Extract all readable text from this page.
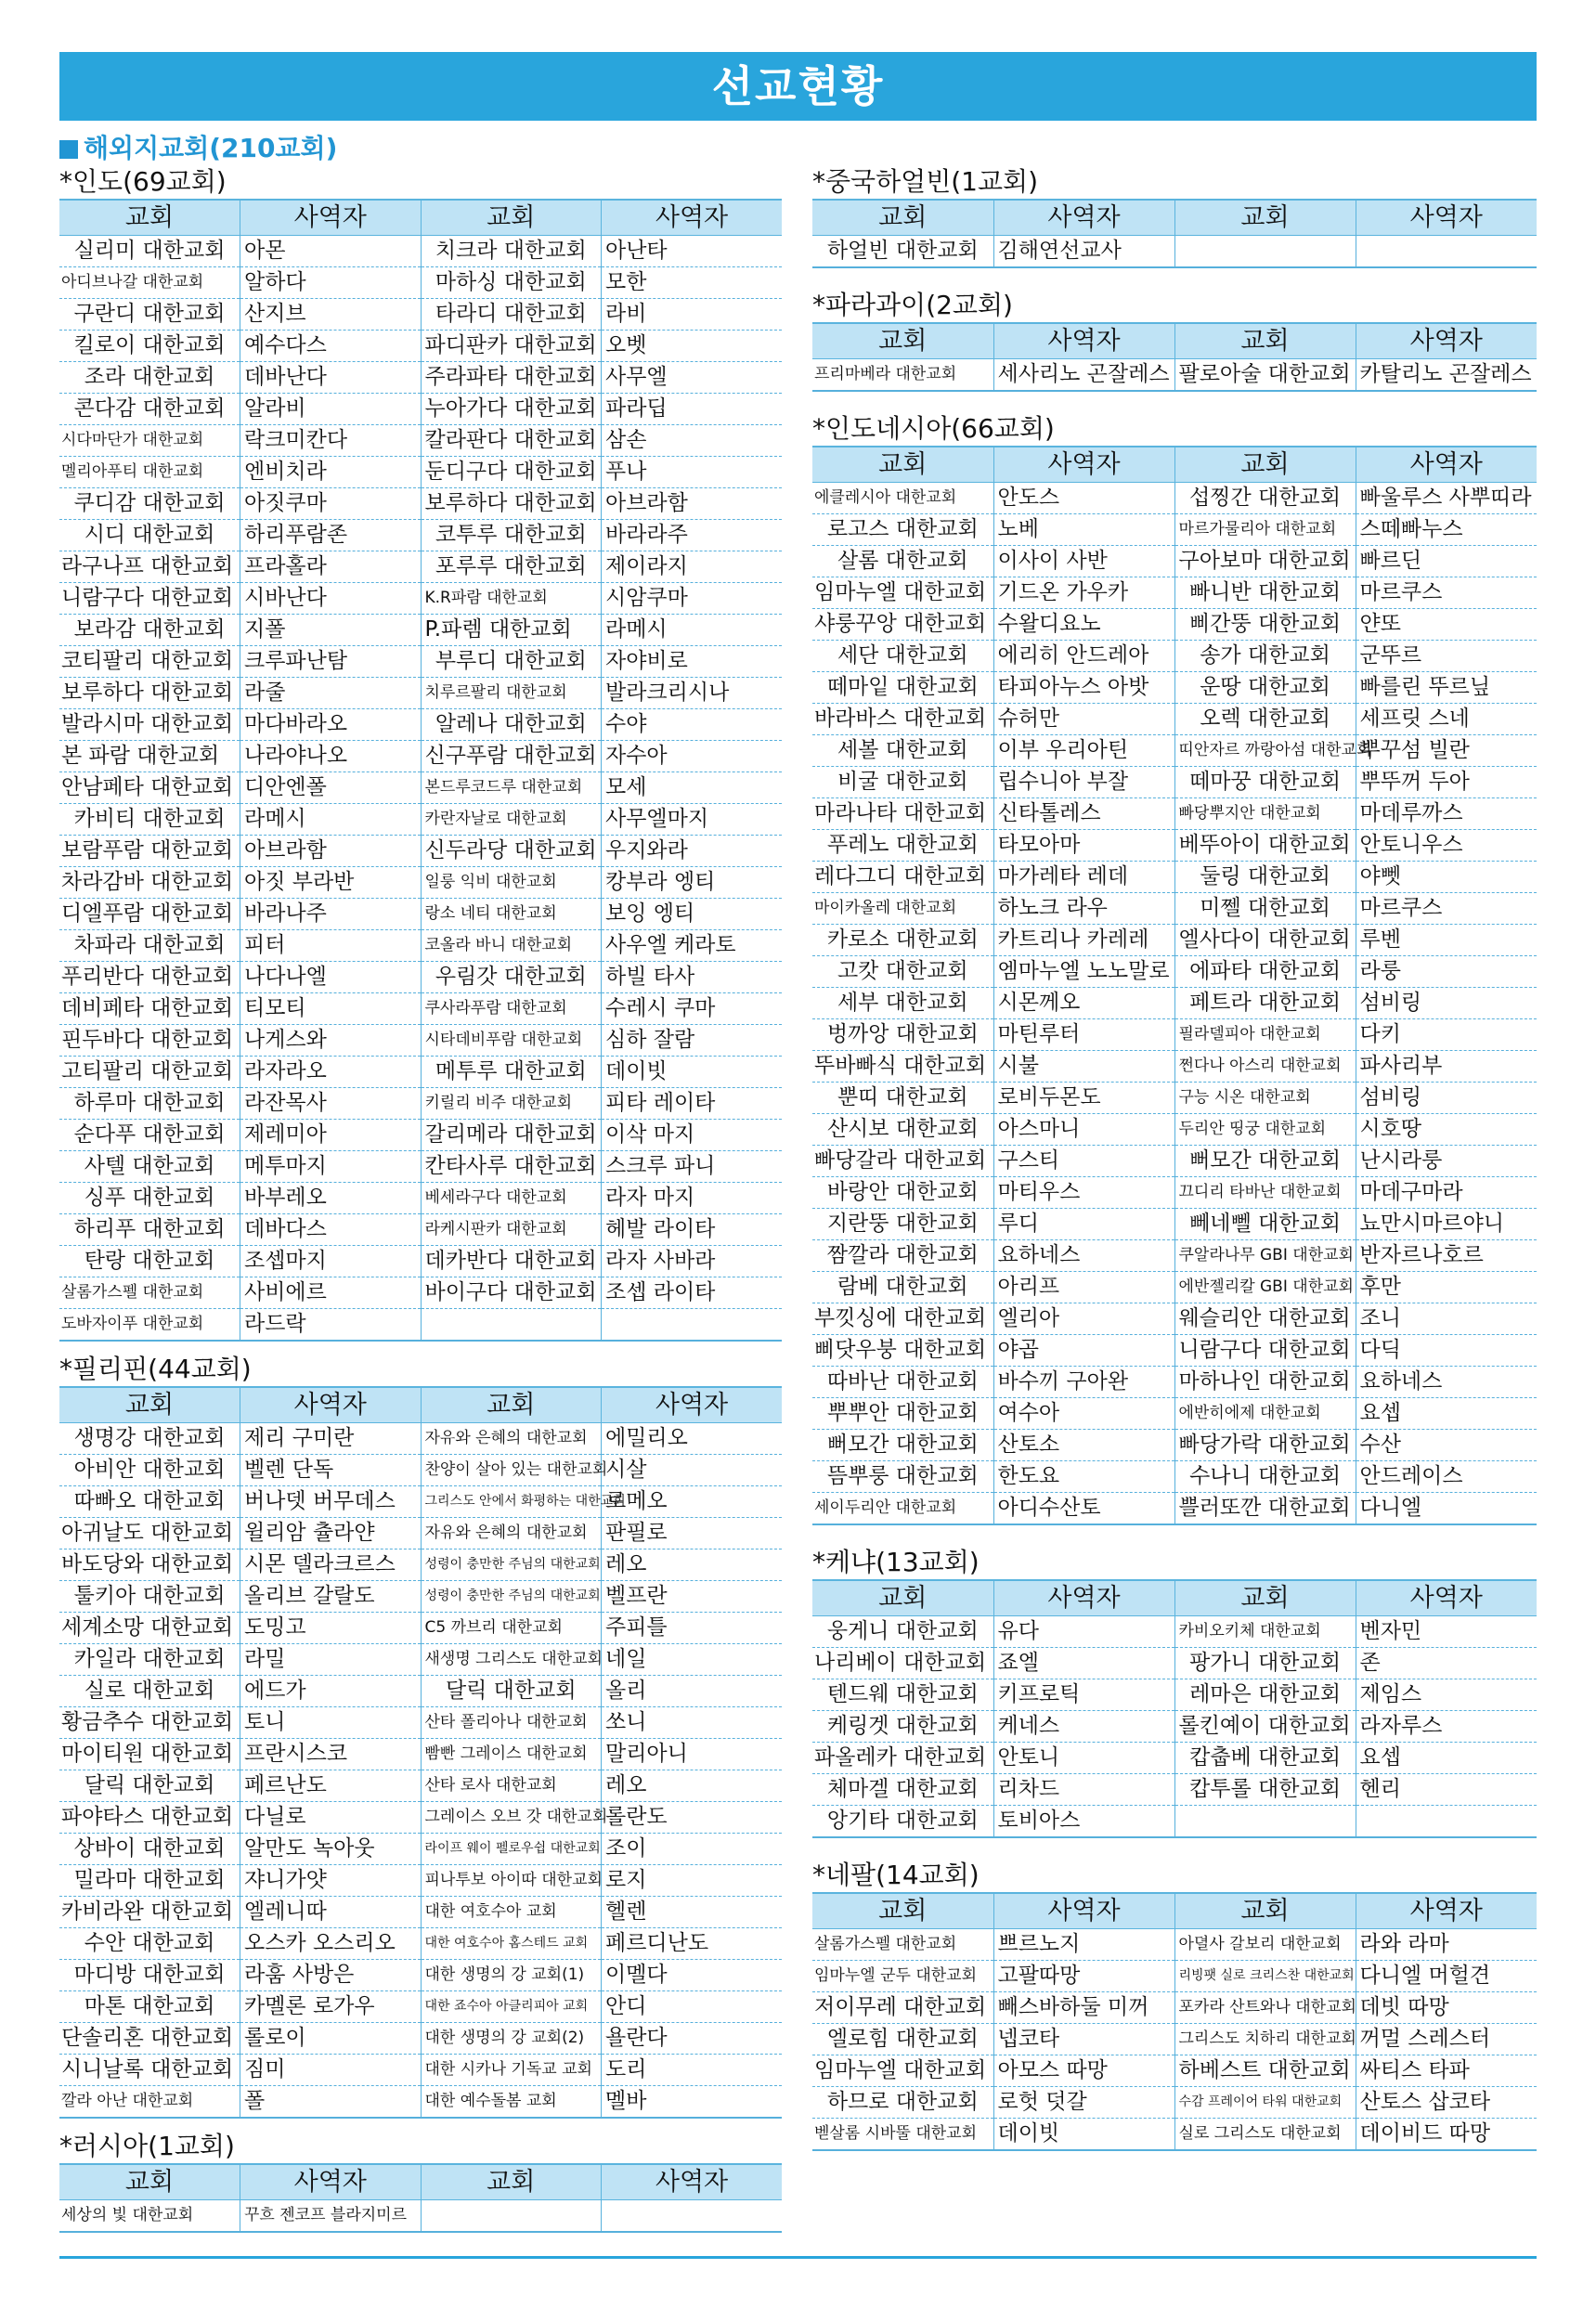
선교현황
해외지교회(210교회)
*인도(69교회)
교회	사역자	교회	사역자
실리미 대한교회	아몬	치크라 대한교회	아난타
아디브나갈 대한교회	알하다	마하싱 대한교회	모한
구란디 대한교회	산지브	타라디 대한교회	라비
킬로이 대한교회	예수다스	파디판카 대한교회	오벳
조라 대한교회	데바난다	주라파타 대한교회	사무엘
콘다감 대한교회	알라비	누아가다 대한교회	파라딥
시다마단가 대한교회	락크미칸다	칼라판다 대한교회	삼손
멜리아푸티 대한교회	엔비치라	둔디구다 대한교회	푸나
쿠디감 대한교회	아짓쿠마	보루하다 대한교회	아브라함
시디 대한교회	하리푸람존	코투루 대한교회	바라라주
라구나프 대한교회	프라홀라	포루루 대한교회	제이라지
니람구다 대한교회	시바난다	K.R파람 대한교회	시암쿠마
보라감 대한교회	지폴	P.파렘 대한교회	라메시
코티팔리 대한교회	크루파난탐	부루디 대한교회	자야비로
보루하다 대한교회	라줄	치루르팔리 대한교회	발라크리시나
발라시마 대한교회	마다바라오	알레나 대한교회	수야
본 파람 대한교회	나라야나오	신구푸람 대한교회	자수아
안남페타 대한교회	디안엔폴	본드루코드루 대한교회	모세
카비티 대한교회	라메시	카란자날로 대한교회	사무엘마지
보람푸람 대한교회	아브라함	신두라당 대한교회	우지와라
차라감바 대한교회	아짓 부라반	일룽 익비 대한교회	캉부라 엥티
디엘푸람 대한교회	바라나주	랑소 네티 대한교회	보잉 엥티
차파라 대한교회	피터	코올라 바니 대한교회	사우엘 케라토
푸리반다 대한교회	나다나엘	우림갓 대한교회	하빌 타사
데비페타 대한교회	티모티	쿠사라푸람 대한교회	수레시 쿠마
핀두바다 대한교회	나게스와	시타데비푸람 대한교회	심하 잘람
고티팔리 대한교회	라자라오	메투루 대한교회	데이빗
하루마 대한교회	라잔목사	키릴리 비주 대한교회	피타 레이타
순다푸 대한교회	제레미아	갈리메라 대한교회	이삭 마지
사텔 대한교회	메투마지	칸타사루 대한교회	스크루 파니
싱푸 대한교회	바부레오	베세라구다 대한교회	라자 마지
하리푸 대한교회	데바다스	라케시판카 대한교회	헤발 라이타
탄랑 대한교회	조셉마지	데카반다 대한교회	라자 사바라
살롬가스펠 대한교회	사비에르	바이구다 대한교회	조셉 라이타
도바자이푸 대한교회	라드락		
*필리핀(44교회)
교회	사역자	교회	사역자
생명강 대한교회	제리 구미란	자유와 은혜의 대한교회	에밀리오
아비안 대한교회	벨렌 단독	찬양이 살아 있는 대한교회	시살
따빠오 대한교회	버나뎃 버무데스	그리스도 안에서 화평하는 대한교회	로메오
아귀날도 대한교회	윌리암 츌라얀	자유와 은혜의 대한교회	판필로
바도당와 대한교회	시몬 델라크르스	성령이 충만한 주님의 대한교회	레오
툴키아 대한교회	올리브 갈랄도	성령이 충만한 주님의 대한교회	벨프란
세계소망 대한교회	도밍고	C5 까브리 대한교회	주피틀
카일라 대한교회	라밀	새생명 그리스도 대한교회	네일
실로 대한교회	에드가	달릭 대한교회	올리
황금추수 대한교회	토니	산타 폴리아나 대한교회	쏘니
마이티원 대한교회	프란시스코	빰빤 그레이스 대한교회	말리아니
달릭 대한교회	페르난도	산타 로사 대한교회	레오
파야타스 대한교회	다닐로	그레이스 오브 갓 대한교회	롤란도
상바이 대한교회	알만도 녹아웃	라이프 웨이 펠로우쉽 대한교회	조이
밀라마 대한교회	쟈니가얏	피나투보 아이따 대한교회	로지
카비라완 대한교회	엘레니따	대한 여호수아 교회	헬렌
수안 대한교회	오스카 오스리오	대한 여호수아 홈스테드 교회	페르디난도
마디방 대한교회	라훔 사방은	대한 생명의 강 교회(1)	이멜다
마톤 대한교회	카멜론 로가우	대한 죠수아 아클리피아 교회	안디
단솔리혼 대한교회	롤로이	대한 생명의 강 교회(2)	욜란다
시니날록 대한교회	짐미	대한 시카나 기독교 교회	도리
깔라 아난 대한교회	폴	대한 예수돌봄 교회	멜바
*러시아(1교회)
교회	사역자	교회	사역자
세상의 빛 대한교회	꾸흐 젠코프 블라지미르		
*중국하얼빈(1교회)
교회	사역자	교회	사역자
하얼빈 대한교회	김해연선교사		
*파라과이(2교회)
교회	사역자	교회	사역자
프리마베라 대한교회	세사리노 곤잘레스	팔로아술 대한교회	카탈리노 곤잘레스
*인도네시아(66교회)
교회	사역자	교회	사역자
에클레시아 대한교회	안도스	섭찡간 대한교회	빠울루스 사뿌띠라
로고스 대한교회	노베	마르가물리아 대한교회	스떼빠누스
살롬 대한교회	이사이 사반	구아보마 대한교회	빠르딘
임마누엘 대한교회	기드온 가우카	빠니반 대한교회	마르쿠스
샤룽꾸앙 대한교회	수왈디요노	삐간뚱 대한교회	얀또
세단 대한교회	에리히 안드레아	송가 대한교회	군뚜르
떼마잍 대한교회	타피아누스 아밧	운땅 대한교회	빠를린 뚜르닢
바라바스 대한교회	슈허만	오렉 대한교회	세프릿 스네
세볼 대한교회	이부 우리아틴	띠안자르 까랑아섬 대한교회	뿌꾸섬 빌란
비굴 대한교회	립수니아 부잘	떼마꿍 대한교회	뿌뚜꺼 두아
마라나타 대한교회	신타톨레스	빠당뿌지안 대한교회	마데루까스
푸레노 대한교회	타모아마	베뚜아이 대한교회	안토니우스
레다그디 대한교회	마가레타 레데	둘링 대한교회	야뻿
마이카올레 대한교회	하노크 라우	미쩰 대한교회	마르쿠스
카로소 대한교회	카트리나 카레레	엘사다이 대한교회	루벤
고캇 대한교회	엠마누엘 노노말로	에파타 대한교회	라룽
세부 대한교회	시몬께오	페트라 대한교회	섬비링
벙까앙 대한교회	마틴루터	필라델피아 대한교회	다키
뚜바빠식 대한교회	시불	쩐다나 아스리 대한교회	파사리부
뿐띠 대한교회	로비두몬도	구능 시온 대한교회	섬비링
산시보 대한교회	아스마니	두리안 띵궁 대한교회	시호땅
빠당갈라 대한교회	구스티	뻐모간 대한교회	난시라룽
바랑안 대한교회	마티우스	끄디리 타바난 대한교회	마데구마라
지란뚱 대한교회	루디	뻬네뻴 대한교회	뇨만시마르야니
짬깔라 대한교회	요하네스	쿠알라나무 GBI 대한교회	반자르나호르
람베 대한교회	아리프	에반젤리칼 GBI 대한교회	후만
부낏싱에 대한교회	엘리아	웨슬리안 대한교회	조니
삐닷우붕 대한교회	야곱	니람구다 대한교회	다딕
따바난 대한교회	바수끼 구아완	마하나인 대한교회	요하네스
뿌뿌안 대한교회	여수아	에반히에제 대한교회	요셉
뻐모간 대한교회	산토소	빠당가락 대한교회	수산
뜸뿌룽 대한교회	한도요	수나니 대한교회	안드레이스
세이두리안 대한교회	아디수산토	쁠러또깐 대한교회	다니엘
*케냐(13교회)
교회	사역자	교회	사역자
웅게니 대한교회	유다	카비오키체 대한교회	벤자민
나리베이 대한교회	죠엘	팡가니 대한교회	존
텐드웨 대한교회	키프로틱	레마은 대한교회	제임스
케링겟 대한교회	케네스	롤킨예이 대한교회	라자루스
파올레카 대한교회	안토니	캅춥베 대한교회	요셉
체마겔 대한교회	리차드	캅투롤 대한교회	헨리
앙기타 대한교회	토비아스		
*네팔(14교회)
교회	사역자	교회	사역자
살롬가스펠 대한교회	쁘르노지	아뎔사 갈보리 대한교회	라와 라마
임마누엘 군두 대한교회	고팔따망	리빙팻 실로 크리스찬 대한교회	다니엘 머헐견
저이무레 대한교회	빼스바하둘 미꺼	포카라 산트와나 대한교회	데빗 따망
엘로힘 대한교회	넵코타	그리스도 치하리 대한교회	꺼멀 스레스터
임마누엘 대한교회	아모스 따망	하베스트 대한교회	싸티스 타파
하므로 대한교회	로헛 덧갈	수감 프레이어 타워 대한교회	산토스 삽코타
벧살롬 시바뚤 대한교회	데이빗	실로 그리스도 대한교회	데이비드 따망
